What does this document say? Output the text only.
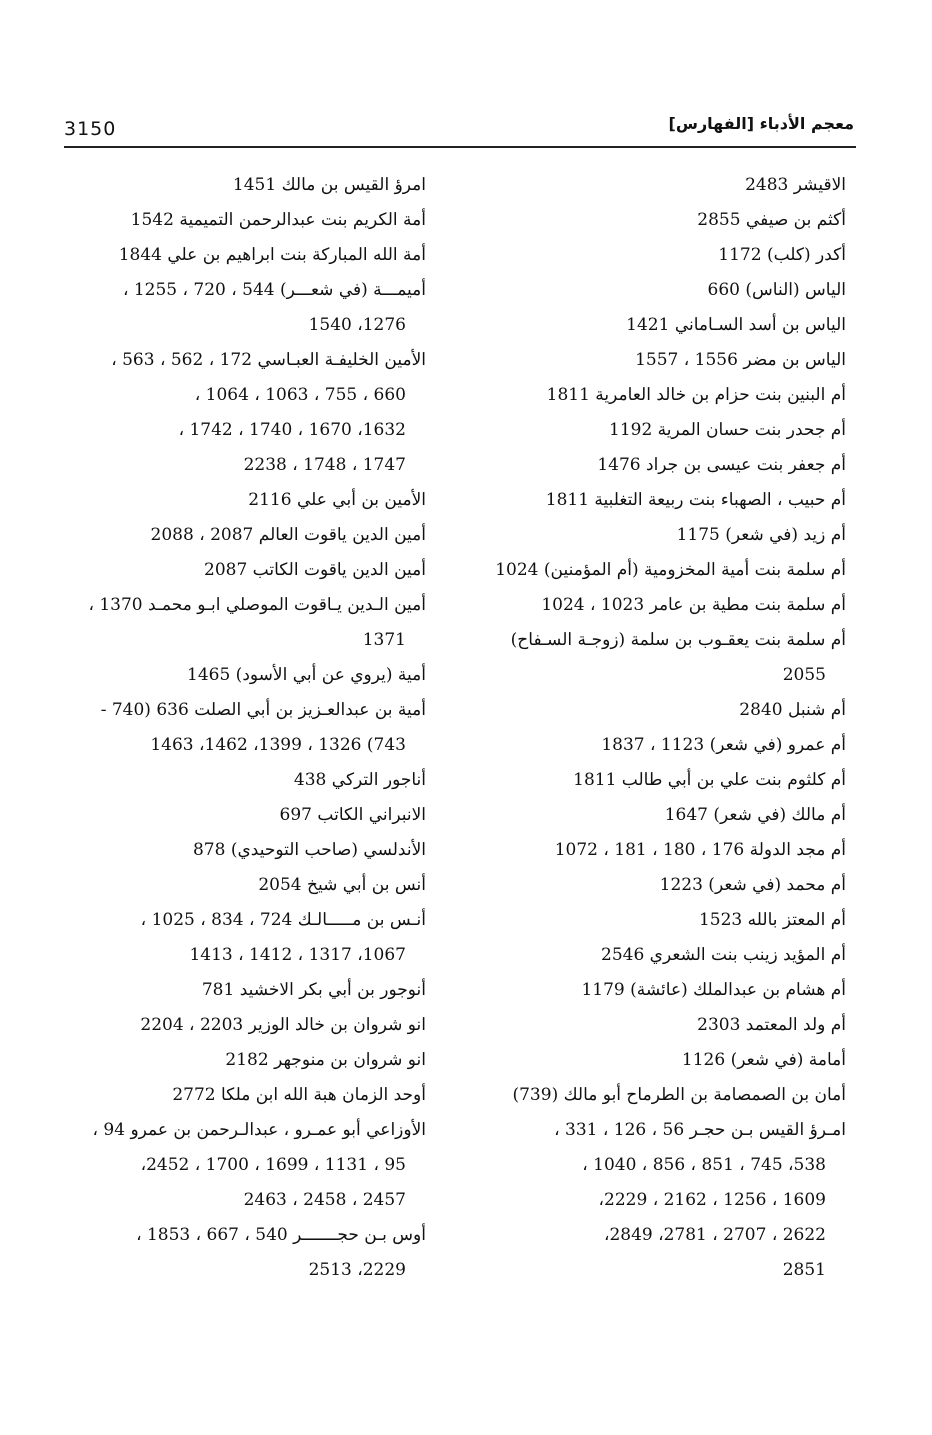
3150	معجم الأدباء [الفهارس]
الاقيشر 2483
أكثم بن صيفي 2855
أكدر (كلب) 1172
الياس (الناس) 660
الياس بن أسد السـاماني 1421
الياس بن مضر 1556 ، 1557
أم البنين بنت حزام بن خالد العامرية 1811
أم جحدر بنت حسان المرية 1192
أم جعفر بنت عيسى بن جراد 1476
أم حبيب ، الصهباء بنت ربيعة التغلبية 1811
أم زيد (في شعر) 1175
أم سلمة بنت أمية المخزومية (أم المؤمنين) 1024
أم سلمة بنت مطية بن عامر 1023 ، 1024
أم سلمة بنت يعقـوب بن سلمة (زوجـة السـفاح)
2055
أم شنبل 2840
أم عمرو (في شعر) 1123 ، 1837
أم كلثوم بنت علي بن أبي طالب 1811
أم مالك (في شعر) 1647
أم مجد الدولة 176 ، 180 ، 181 ، 1072
أم محمد (في شعر) 1223
أم المعتز بالله 1523
أم المؤيد زينب بنت الشعري 2546
أم هشام بن عبدالملك (عائشة) 1179
أم ولد المعتمد 2303
أمامة (في شعر) 1126
أمان بن الصمصامة بن الطرماح أبو مالك (739)
امـرؤ القيس بـن حجـر 56 ، 126 ، 331 ،
538، 745 ، 851 ، 856 ، 1040 ،
1609 ، 1256 ، 2162 ، 2229،
2622 ، 2707 ، 2781، 2849،
2851
امرؤ القيس بن مالك 1451
أمة الكريم بنت عبدالرحمن التميمية 1542
أمة الله المباركة بنت ابراهيم بن علي 1844
أميمـــة (في شعـــر) 544 ، 720 ، 1255 ،
1276، 1540
الأمين الخليفـة العبـاسي 172 ، 562 ، 563 ،
660 ، 755 ، 1063 ، 1064 ،
1632، 1670 ، 1740 ، 1742 ،
1747 ، 1748 ، 2238
الأمين بن أبي علي 2116
أمين الدين ياقوت العالم 2087 ، 2088
أمين الدين ياقوت الكاتب 2087
أمين الـدين يـاقوت الموصلي ابـو محمـد 1370 ،
1371
أمية (يروي عن أبي الأسود) 1465
أمية بن عبدالعـزيز بن أبي الصلت 636 (740 -
743) 1326 ، 1399، 1462، 1463
أناجور التركي 438
الانبراني الكاتب 697
الأندلسي (صاحب التوحيدي) 878
أنس بن أبي شيخ 2054
أنـس بن مـــــالـك 724 ، 834 ، 1025 ،
1067، 1317 ، 1412 ، 1413
أنوجور بن أبي بكر الاخشيد 781
انو شروان بن خالد الوزير 2203 ، 2204
انو شروان بن منوجهر 2182
أوحد الزمان هبة الله ابن ملكا 2772
الأوزاعي أبو عمـرو ، عبدالـرحمن بن عمرو 94 ،
95 ، 1131 ، 1699 ، 1700 ، 2452،
2457 ، 2458 ، 2463
أوس بـن حجـــــــر 540 ، 667 ، 1853 ،
2229، 2513
